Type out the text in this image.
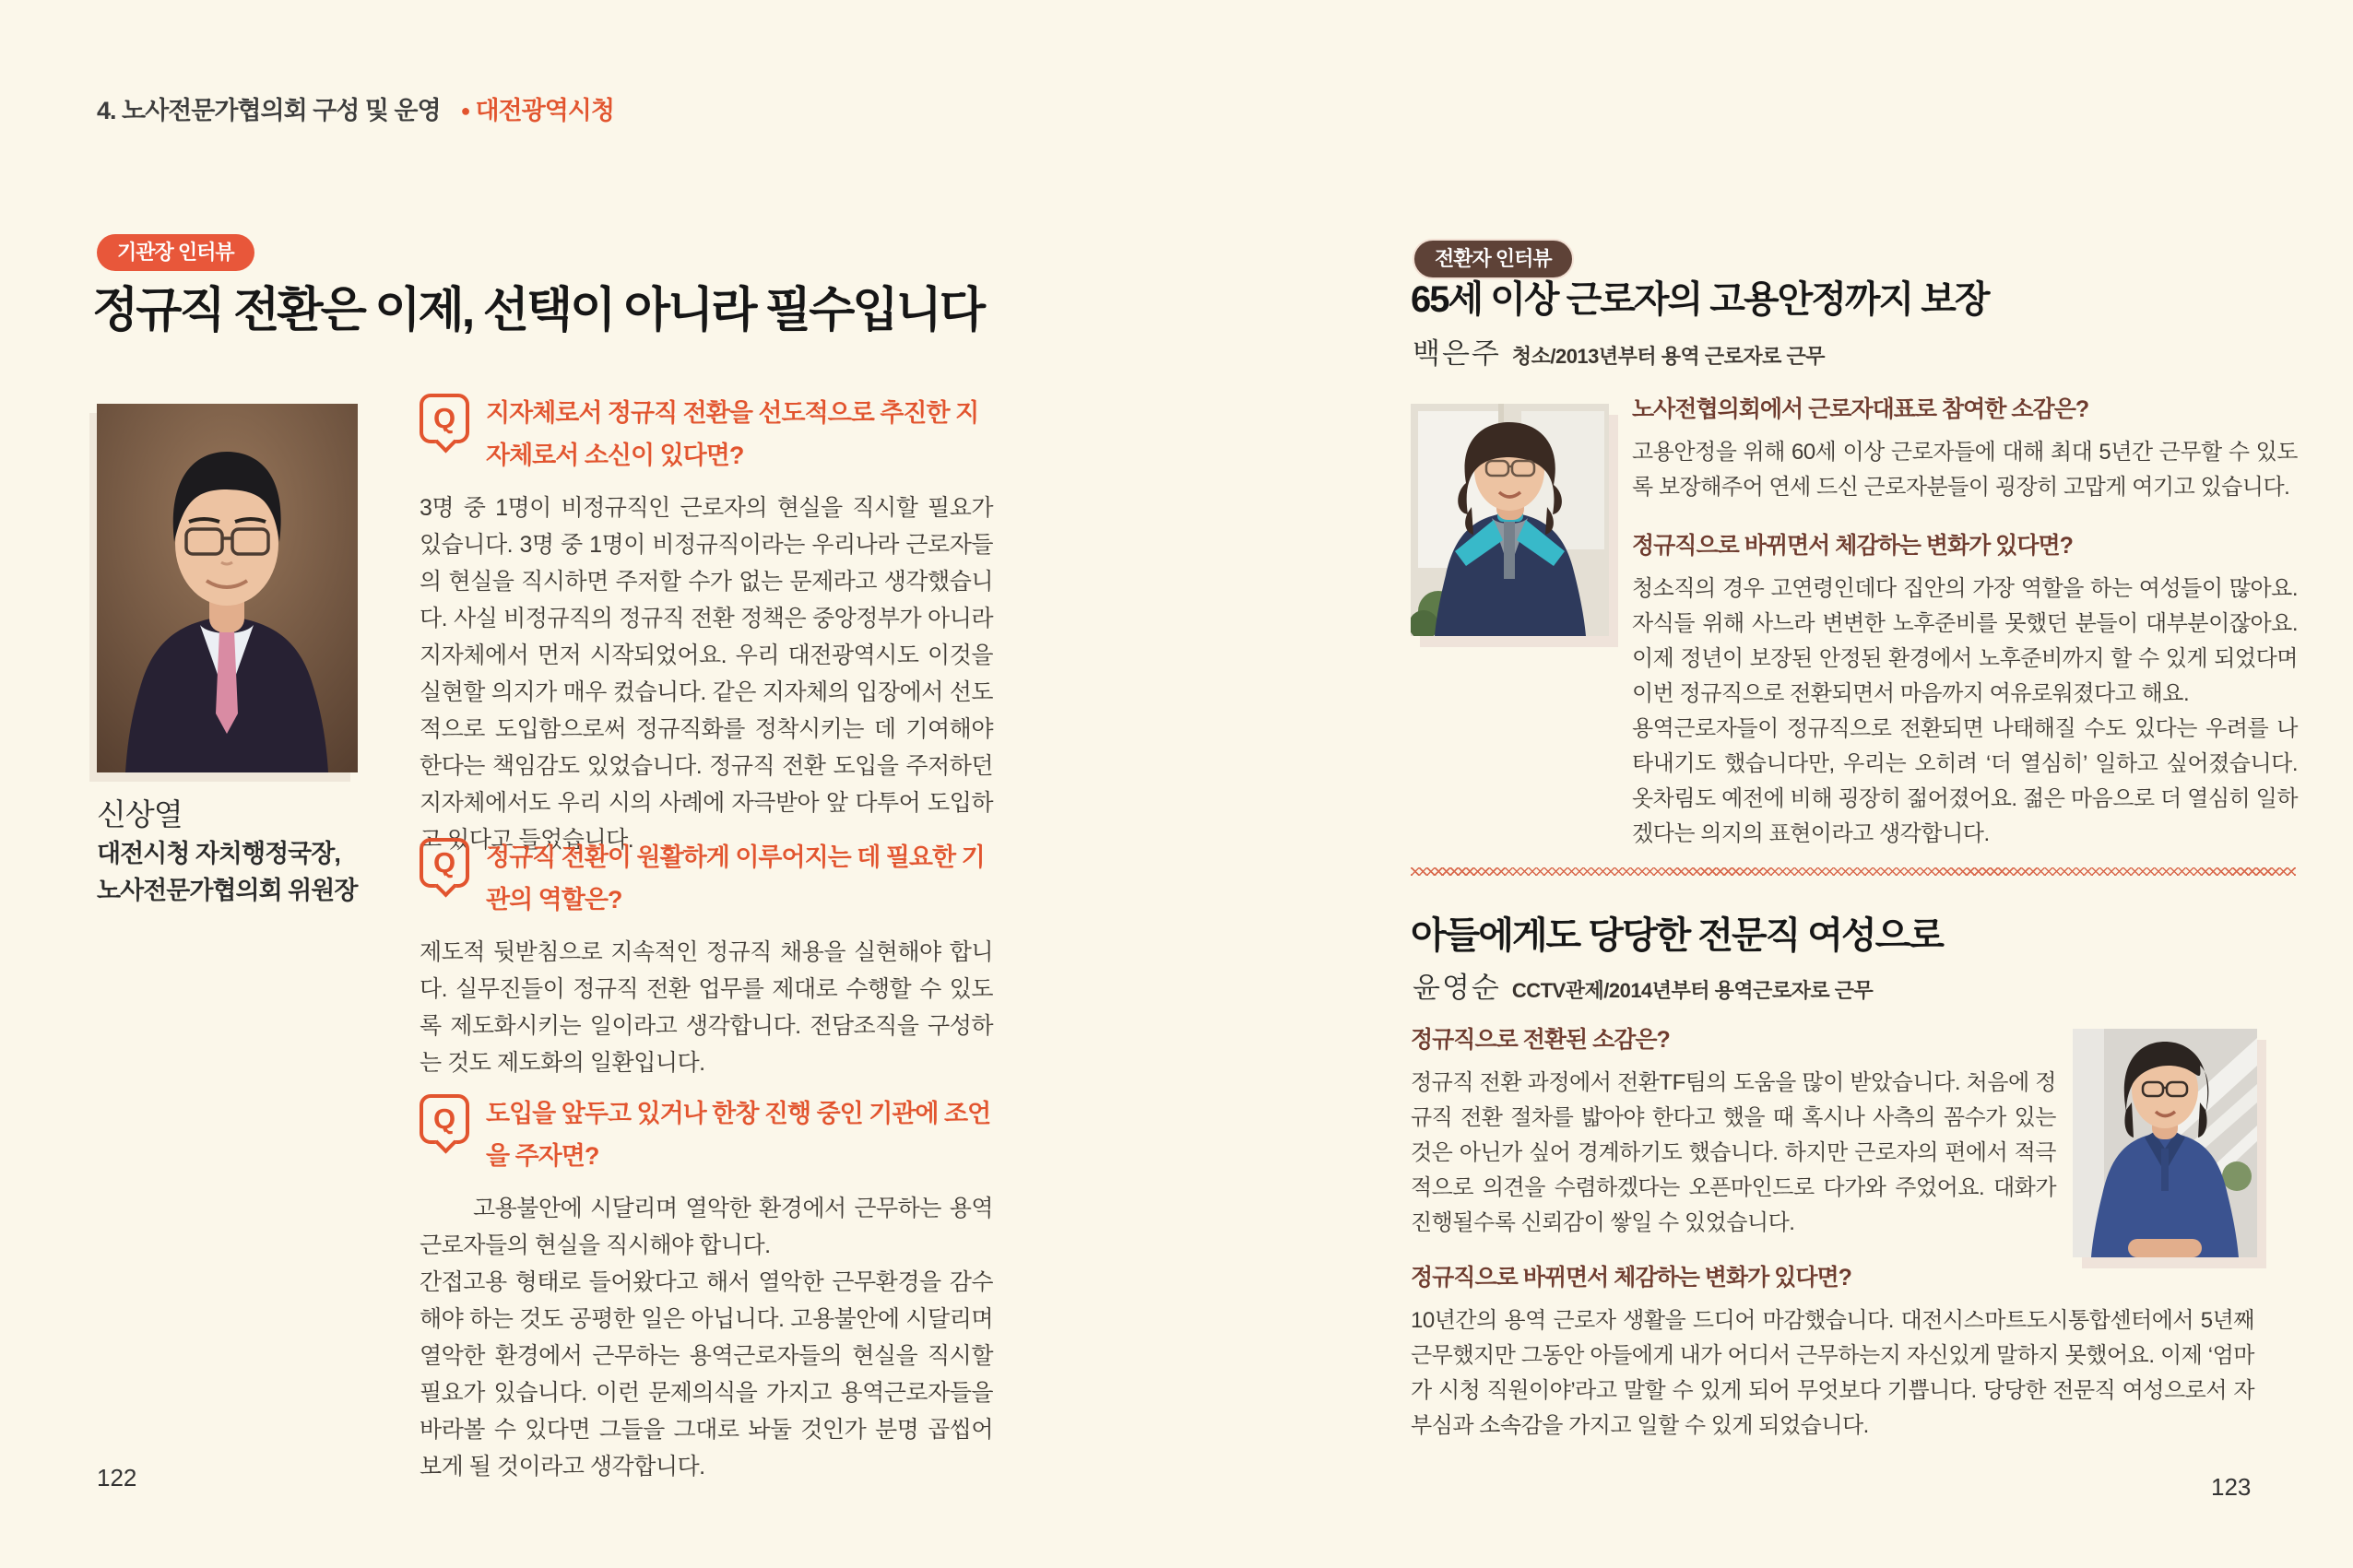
4. 노사전문가협의회 구성 및 운영 ● 대전광역시청
기관장 인터뷰
정규직 전환은 이제, 선택이 아니라 필수입니다
신상열
대전시청 자치행정국장,
노사전문가협의회 위원장
Q	지자체로서 정규직 전환을 선도적으로 추진한 지자체로서 소신이 있다면?

3명 중 1명이 비정규직인 근로자의 현실을 직시할 필요가 있습니다. 3명 중 1명이 비정규직이라는 우리나라 근로자들의 현실을 직시하면 주저할 수가 없는 문제라고 생각했습니다. 사실 비정규직의 정규직 전환 정책은 중앙정부가 아니라 지자체에서 먼저 시작되었어요. 우리 대전광역시도 이것을 실현할 의지가 매우 컸습니다. 같은 지자체의 입장에서 선도적으로 도입함으로써 정규직화를 정착시키는 데 기여해야 한다는 책임감도 있었습니다. 정규직 전환 도입을 주저하던 지자체에서도 우리 시의 사례에 자극받아 앞 다투어 도입하고 있다고 들었습니다.

Q	정규직 전환이 원활하게 이루어지는 데 필요한 기관의 역할은?

제도적 뒷받침으로 지속적인 정규직 채용을 실현해야 합니다. 실무진들이 정규직 전환 업무를 제대로 수행할 수 있도록 제도화시키는 일이라고 생각합니다. 전담조직을 구성하는 것도 제도화의 일환입니다.

Q	도입을 앞두고 있거나 한창 진행 중인 기관에 조언을 주자면?

고용불안에 시달리며 열악한 환경에서 근무하는 용역근로자들의 현실을 직시해야 합니다.

간접고용 형태로 들어왔다고 해서 열악한 근무환경을 감수해야 하는 것도 공평한 일은 아닙니다. 고용불안에 시달리며 열악한 환경에서 근무하는 용역근로자들의 현실을 직시할 필요가 있습니다. 이런 문제의식을 가지고 용역근로자들을 바라볼 수 있다면 그들을 그대로 놔둘 것인가 분명 곱씹어 보게 될 것이라고 생각합니다.

122
전환자 인터뷰
65세 이상 근로자의 고용안정까지 보장
백은주 청소/2013년부터 용역 근로자로 근무
노사전협의회에서 근로자대표로 참여한 소감은?

고용안정을 위해 60세 이상 근로자들에 대해 최대 5년간 근무할 수 있도록 보장해주어 연세 드신 근로자분들이 굉장히 고맙게 여기고 있습니다.

정규직으로 바뀌면서 체감하는 변화가 있다면?

청소직의 경우 고연령인데다 집안의 가장 역할을 하는 여성들이 많아요. 자식들 위해 사느라 변변한 노후준비를 못했던 분들이 대부분이잖아요. 이제 정년이 보장된 안정된 환경에서 노후준비까지 할 수 있게 되었다며 이번 정규직으로 전환되면서 마음까지 여유로워졌다고 해요.

용역근로자들이 정규직으로 전환되면 나태해질 수도 있다는 우려를 나타내기도 했습니다만, 우리는 오히려 ‘더 열심히’ 일하고 싶어졌습니다. 옷차림도 예전에 비해 굉장히 젊어졌어요. 젊은 마음으로 더 열심히 일하겠다는 의지의 표현이라고 생각합니다.

아들에게도 당당한 전문직 여성으로
윤영순 CCTV관제/2014년부터 용역근로자로 근무
정규직으로 전환된 소감은?

정규직 전환 과정에서 전환TF팀의 도움을 많이 받았습니다. 처음에 정규직 전환 절차를 밟아야 한다고 했을 때 혹시나 사측의 꼼수가 있는 것은 아닌가 싶어 경계하기도 했습니다. 하지만 근로자의 편에서 적극적으로 의견을 수렴하겠다는 오픈마인드로 다가와 주었어요. 대화가 진행될수록 신뢰감이 쌓일 수 있었습니다.

정규직으로 바뀌면서 체감하는 변화가 있다면?

10년간의 용역 근로자 생활을 드디어 마감했습니다. 대전시스마트도시통합센터에서 5년째 근무했지만 그동안 아들에게 내가 어디서 근무하는지 자신있게 말하지 못했어요. 이제 ‘엄마가 시청 직원이야’라고 말할 수 있게 되어 무엇보다 기쁩니다. 당당한 전문직 여성으로서 자부심과 소속감을 가지고 일할 수 있게 되었습니다.

123
